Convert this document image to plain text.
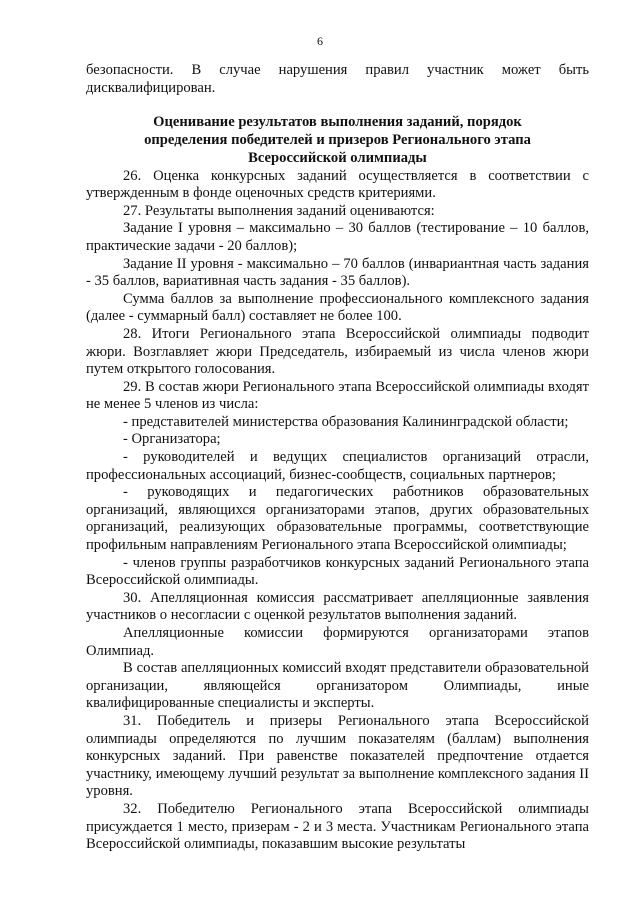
6

безопасности. В случае нарушения правил участник может быть дисквалифицирован.

Оценивание результатов выполнения заданий, порядок
определения победителей и призеров Регионального этапа
Всероссийской олимпиады

26. Оценка конкурсных заданий осуществляется в соответствии с утвержденным в фонде оценочных средств критериями.

27. Результаты выполнения заданий оцениваются:

Задание I уровня – максимально – 30 баллов (тестирование – 10 баллов, практические задачи - 20 баллов);

Задание II уровня - максимально – 70 баллов (инвариантная часть задания - 35 баллов, вариативная часть задания - 35 баллов).

Сумма баллов за выполнение профессионального комплексного задания (далее - суммарный балл) составляет не более 100.

28. Итоги Регионального этапа Всероссийской олимпиады подводит жюри. Возглавляет жюри Председатель, избираемый из числа членов жюри путем открытого голосования.

29. В состав жюри Регионального этапа Всероссийской олимпиады входят не менее 5 членов из числа:

- представителей министерства образования Калининградской области;

- Организатора;

- руководителей и ведущих специалистов организаций отрасли, профессиональных ассоциаций, бизнес-сообществ, социальных партнеров;

- руководящих и педагогических работников образовательных организаций, являющихся организаторами этапов, других образовательных организаций, реализующих образовательные программы, соответствующие профильным направлениям Регионального этапа Всероссийской олимпиады;

- членов группы разработчиков конкурсных заданий Регионального этапа Всероссийской олимпиады.

30. Апелляционная комиссия рассматривает апелляционные заявления участников о несогласии с оценкой результатов выполнения заданий.

Апелляционные комиссии формируются организаторами этапов Олимпиад.

В состав апелляционных комиссий входят представители образовательной организации, являющейся организатором Олимпиады, иные квалифицированные специалисты и эксперты.

31. Победитель и призеры Регионального этапа Всероссийской олимпиады определяются по лучшим показателям (баллам) выполнения конкурсных заданий. При равенстве показателей предпочтение отдается участнику, имеющему лучший результат за выполнение комплексного задания II уровня.

32. Победителю Регионального этапа Всероссийской олимпиады присуждается 1 место, призерам - 2 и 3 места. Участникам Регионального этапа Всероссийской олимпиады, показавшим высокие результаты
